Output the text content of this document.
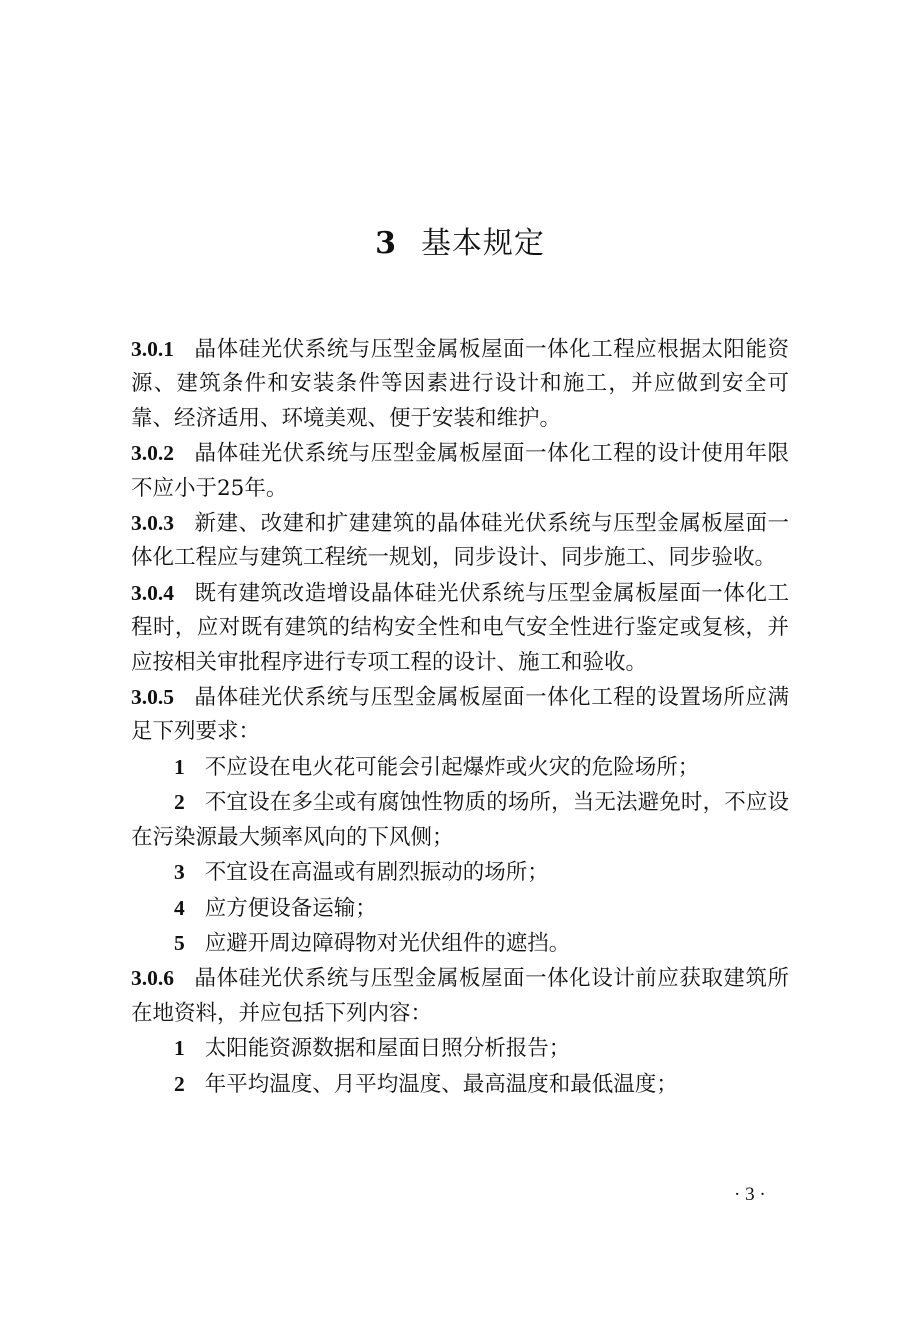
3 基本规定

3.0.1 晶体硅光伏系统与压型金属板屋面一体化工程应根据太阳能资源、建筑条件和安装条件等因素进行设计和施工，并应做到安全可靠、经济适用、环境美观、便于安装和维护。

3.0.2 晶体硅光伏系统与压型金属板屋面一体化工程的设计使用年限不应小于25年。

3.0.3 新建、改建和扩建建筑的晶体硅光伏系统与压型金属板屋面一体化工程应与建筑工程统一规划，同步设计、同步施工、同步验收。

3.0.4 既有建筑改造增设晶体硅光伏系统与压型金属板屋面一体化工程时，应对既有建筑的结构安全性和电气安全性进行鉴定或复核，并应按相关审批程序进行专项工程的设计、施工和验收。

3.0.5 晶体硅光伏系统与压型金属板屋面一体化工程的设置场所应满足下列要求：

1 不应设在电火花可能会引起爆炸或火灾的危险场所；

2 不宜设在多尘或有腐蚀性物质的场所，当无法避免时，不应设在污染源最大频率风向的下风侧；

3 不宜设在高温或有剧烈振动的场所；

4 应方便设备运输；

5 应避开周边障碍物对光伏组件的遮挡。

3.0.6 晶体硅光伏系统与压型金属板屋面一体化设计前应获取建筑所在地资料，并应包括下列内容：

1 太阳能资源数据和屋面日照分析报告；

2 年平均温度、月平均温度、最高温度和最低温度；

· 3 ·
